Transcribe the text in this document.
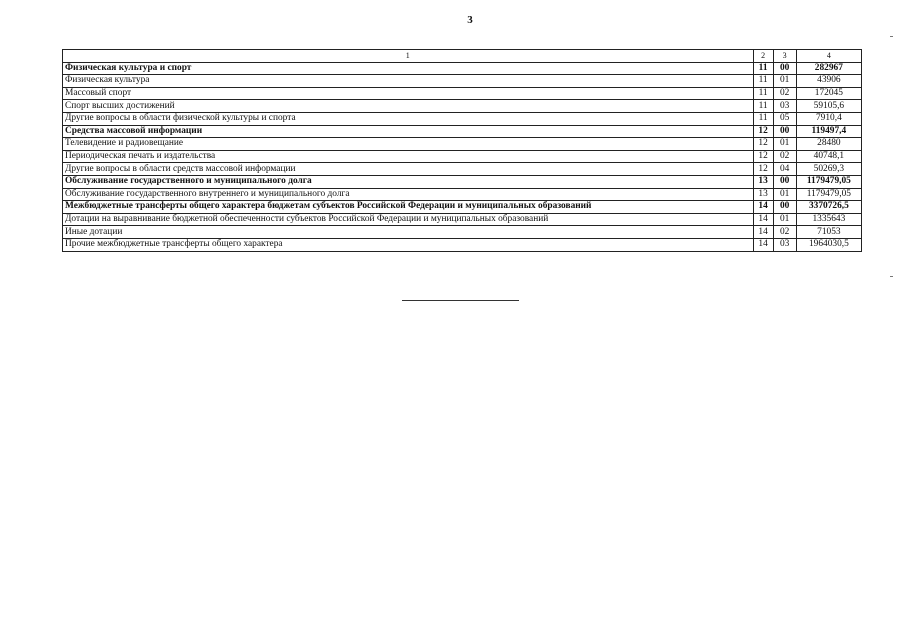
3
1	2	3	4
Физическая культура и спорт	11	00	282967
Физическая культура	11	01	43906
Массовый спорт	11	02	172045
Спорт высших достижений	11	03	59105,6
Другие вопросы в области физической культуры и спорта	11	05	7910,4
Средства массовой информации	12	00	119497,4
Телевидение и радиовещание	12	01	28480
Периодическая печать и издательства	12	02	40748,1
Другие вопросы в области средств массовой информации	12	04	50269,3
Обслуживание государственного и муниципального долга	13	00	1179479,05
Обслуживание государственного внутреннего и муниципального долга	13	01	1179479,05
Межбюджетные трансферты общего характера бюджетам субъектов Российской Федерации и муниципальных образований	14	00	3370726,5
Дотации на выравнивание бюджетной обеспеченности субъектов Российской Федерации и муниципальных образований	14	01	1335643
Иные дотации	14	02	71053
Прочие межбюджетные трансферты общего характера	14	03	1964030,5
